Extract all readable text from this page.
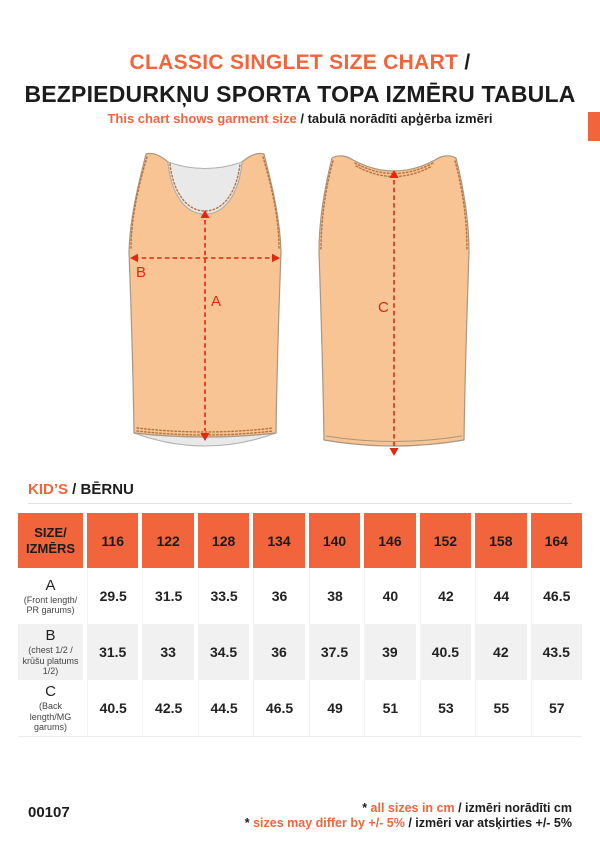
CLASSIC SINGLET SIZE CHART /
BEZPIEDURKŅU SPORTA TOPA IZMĒRU TABULA

This chart shows garment size / tabulā norādīti apģērba izmēri

A
B
C
KID’S / BĒRNU
SIZE/
IZMĒRS	116	122	128	134	140	146	152	158	164
A
(Front length/ PR garums)
29.5	31.5	33.5	36	38	40	42	44	46.5
B
(chest 1/2 / krūšu platums 1/2)
31.5	33	34.5	36	37.5	39	40.5	42	43.5
C
(Back length/MG garums)
40.5	42.5	44.5	46.5	49	51	53	55	57
00107	* all sizes in cm / izmēri norādīti cm
* sizes may differ by +/- 5% / izmēri var atsķirties +/- 5%
